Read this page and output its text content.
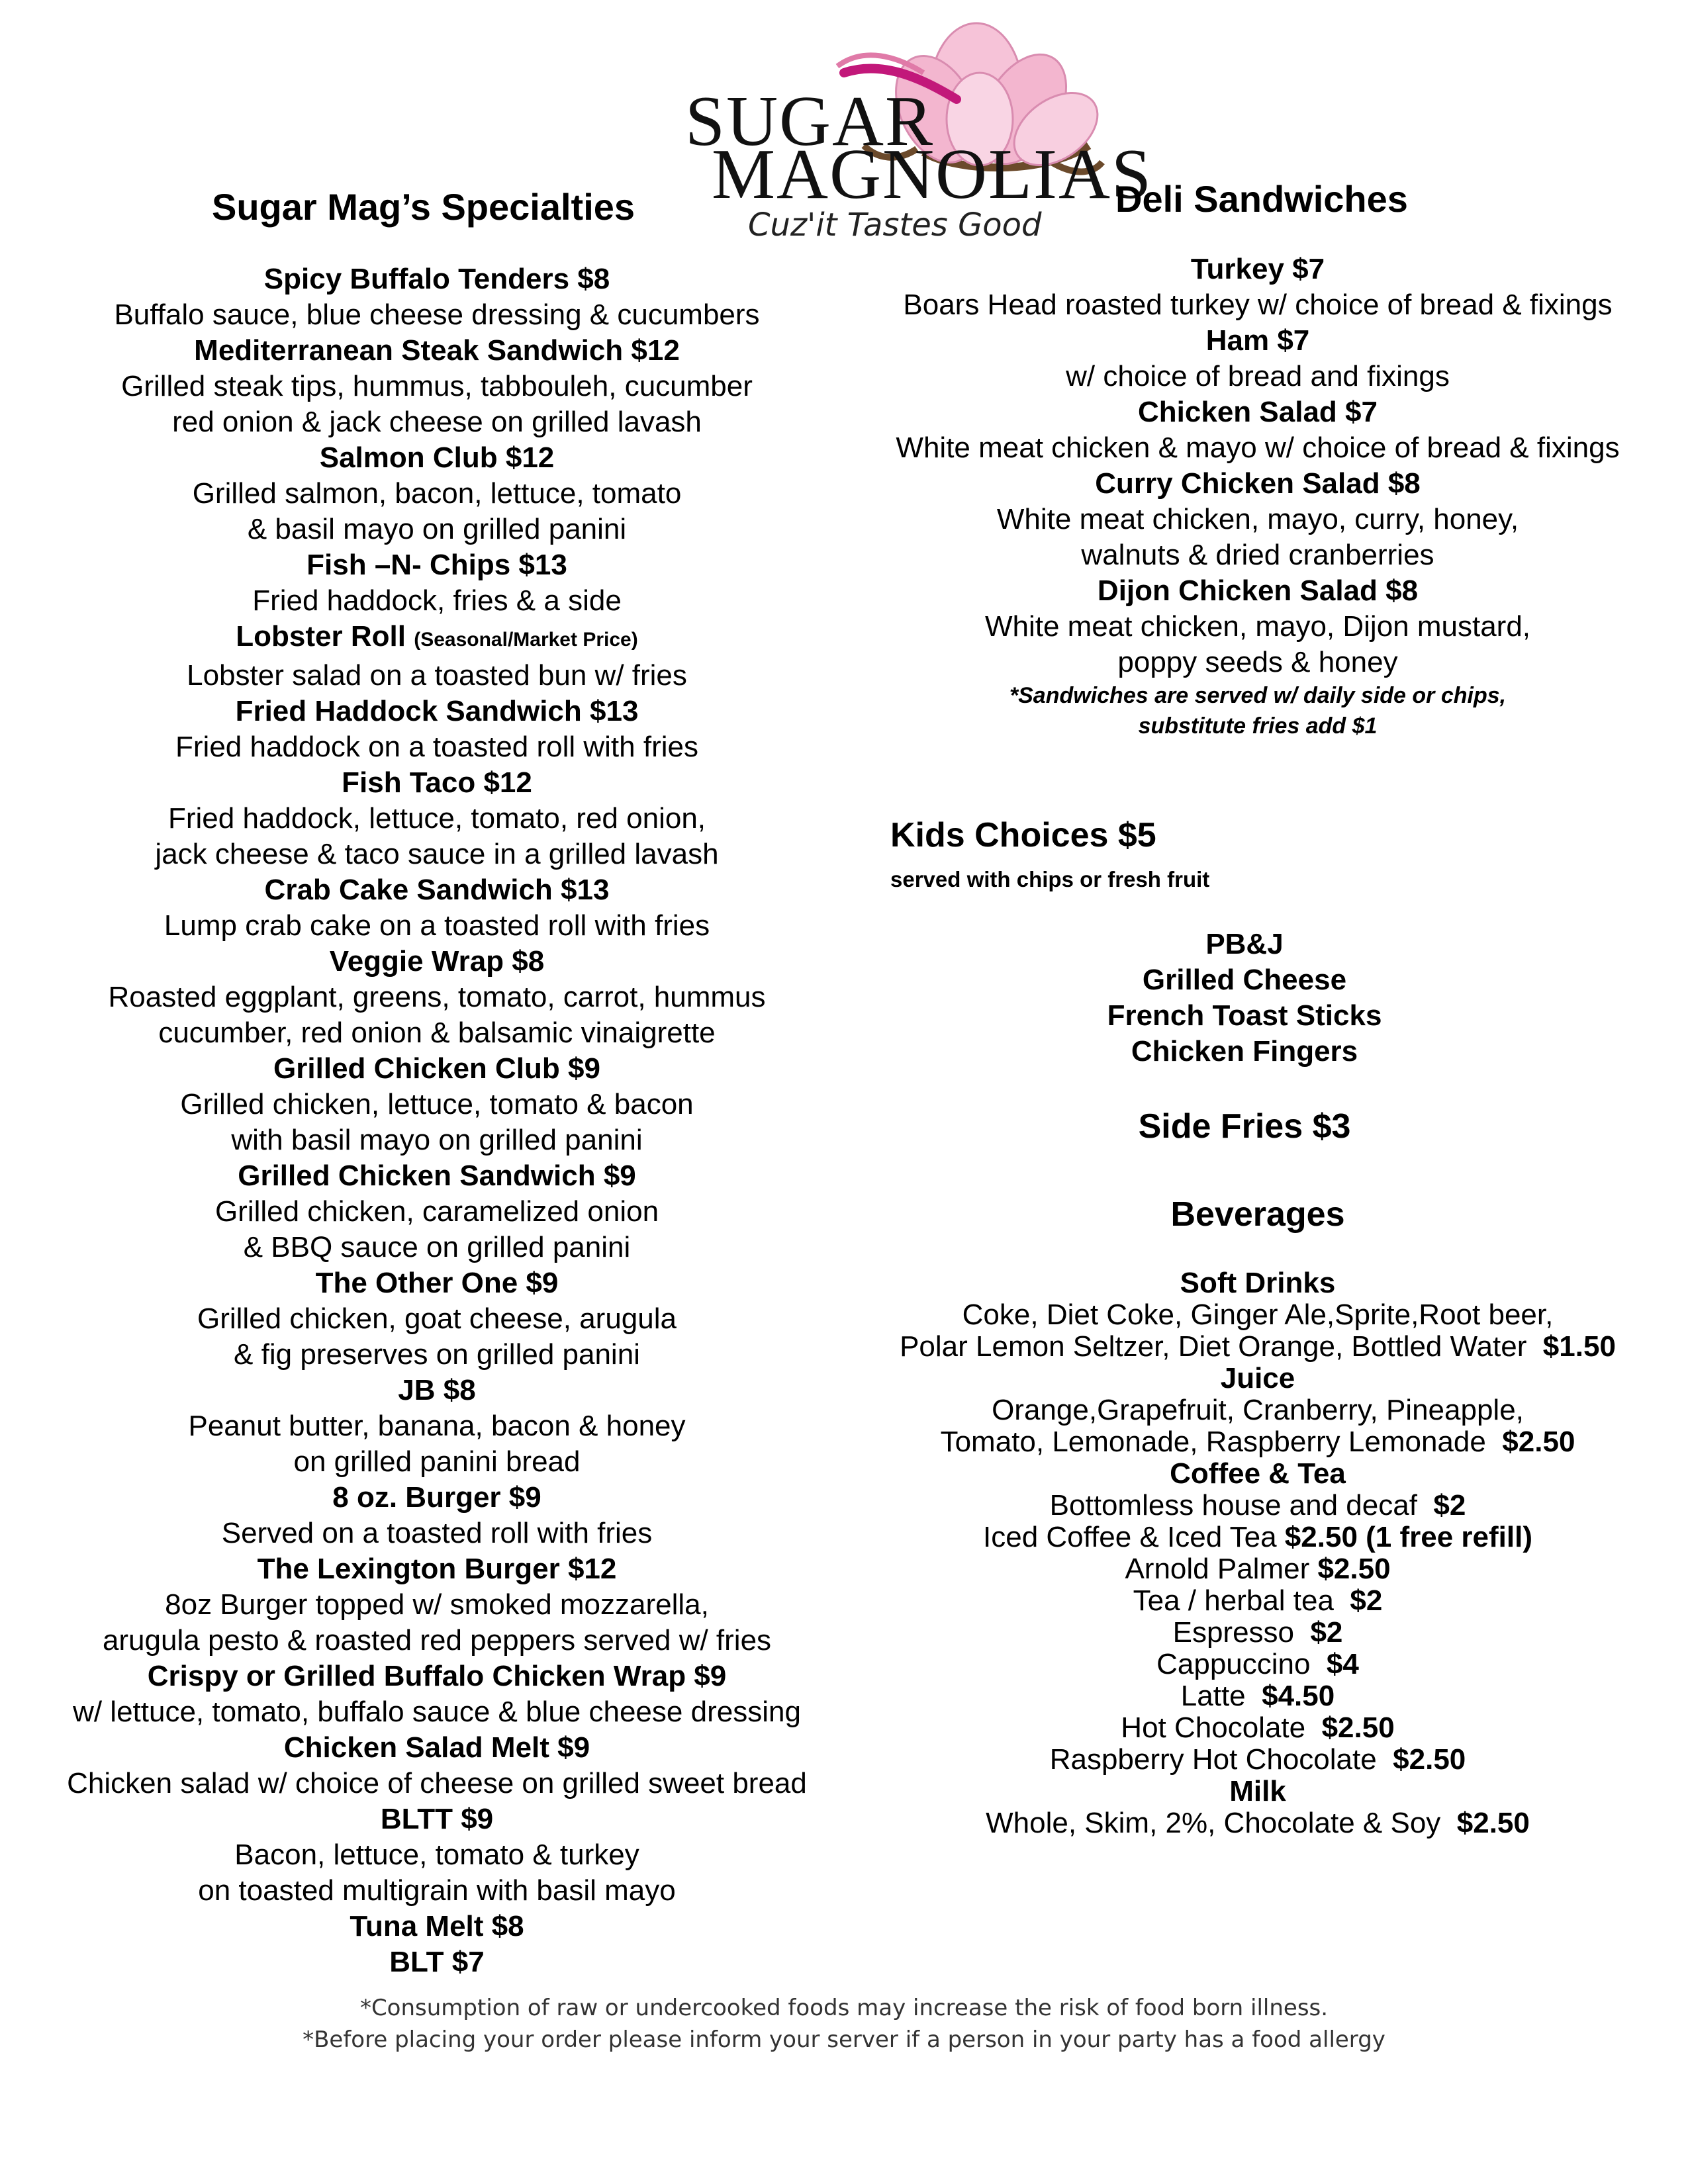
SUGAR
MAGNOLIAS
Cuz'it Tastes Good
Sugar Mag’s Specialties	Deli Sandwiches
Spicy Buffalo Tenders $8
Buffalo sauce, blue cheese dressing & cucumbers
Mediterranean Steak Sandwich $12
Grilled steak tips, hummus, tabbouleh, cucumber
red onion & jack cheese on grilled lavash
Salmon Club $12
Grilled salmon, bacon, lettuce, tomato
& basil mayo on grilled panini
Fish –N- Chips $13
Fried haddock, fries & a side
Lobster Roll (Seasonal/Market Price)
Lobster salad on a toasted bun w/ fries
Fried Haddock Sandwich $13
Fried haddock on a toasted roll with fries
Fish Taco $12
Fried haddock, lettuce, tomato, red onion,
jack cheese & taco sauce in a grilled lavash
Crab Cake Sandwich $13
Lump crab cake on a toasted roll with fries
Veggie Wrap $8
Roasted eggplant, greens, tomato, carrot, hummus
cucumber, red onion & balsamic vinaigrette
Grilled Chicken Club $9
Grilled chicken, lettuce, tomato & bacon
with basil mayo on grilled panini
Grilled Chicken Sandwich $9
Grilled chicken, caramelized onion
& BBQ sauce on grilled panini
The Other One $9
Grilled chicken, goat cheese, arugula
& fig preserves on grilled panini
JB $8
Peanut butter, banana, bacon & honey
on grilled panini bread
8 oz. Burger $9
Served on a toasted roll with fries
The Lexington Burger $12
8oz Burger topped w/ smoked mozzarella,
arugula pesto & roasted red peppers served w/ fries
Crispy or Grilled Buffalo Chicken Wrap $9
w/ lettuce, tomato, buffalo sauce & blue cheese dressing
Chicken Salad Melt $9
Chicken salad w/ choice of cheese on grilled sweet bread
BLTT $9
Bacon, lettuce, tomato & turkey
on toasted multigrain with basil mayo
Tuna Melt $8
BLT $7
Turkey $7
Boars Head roasted turkey w/ choice of bread & fixings
Ham $7
w/ choice of bread and fixings
Chicken Salad $7
White meat chicken & mayo w/ choice of bread & fixings
Curry Chicken Salad $8
White meat chicken, mayo, curry, honey,
walnuts & dried cranberries
Dijon Chicken Salad $8
White meat chicken, mayo, Dijon mustard,
poppy seeds & honey
*Sandwiches are served w/ daily side or chips,
substitute fries add $1
Kids Choices $5
served with chips or fresh fruit
PB&J
Grilled Cheese
French Toast Sticks
Chicken Fingers
Side Fries $3
Beverages
Soft Drinks
Coke, Diet Coke, Ginger Ale,Sprite,Root beer,
Polar Lemon Seltzer, Diet Orange, Bottled Water  $1.50
Juice
Orange,Grapefruit, Cranberry, Pineapple,
Tomato, Lemonade, Raspberry Lemonade  $2.50
Coffee & Tea
Bottomless house and decaf  $2
Iced Coffee & Iced Tea $2.50 (1 free refill)
Arnold Palmer $2.50
Tea / herbal tea  $2
Espresso  $2
Cappuccino  $4
Latte  $4.50
Hot Chocolate  $2.50
Raspberry Hot Chocolate  $2.50
Milk
Whole, Skim, 2%, Chocolate & Soy  $2.50
*Consumption of raw or undercooked foods may increase the risk of food born illness.
*Before placing your order please inform your server if a person in your party has a food allergy
